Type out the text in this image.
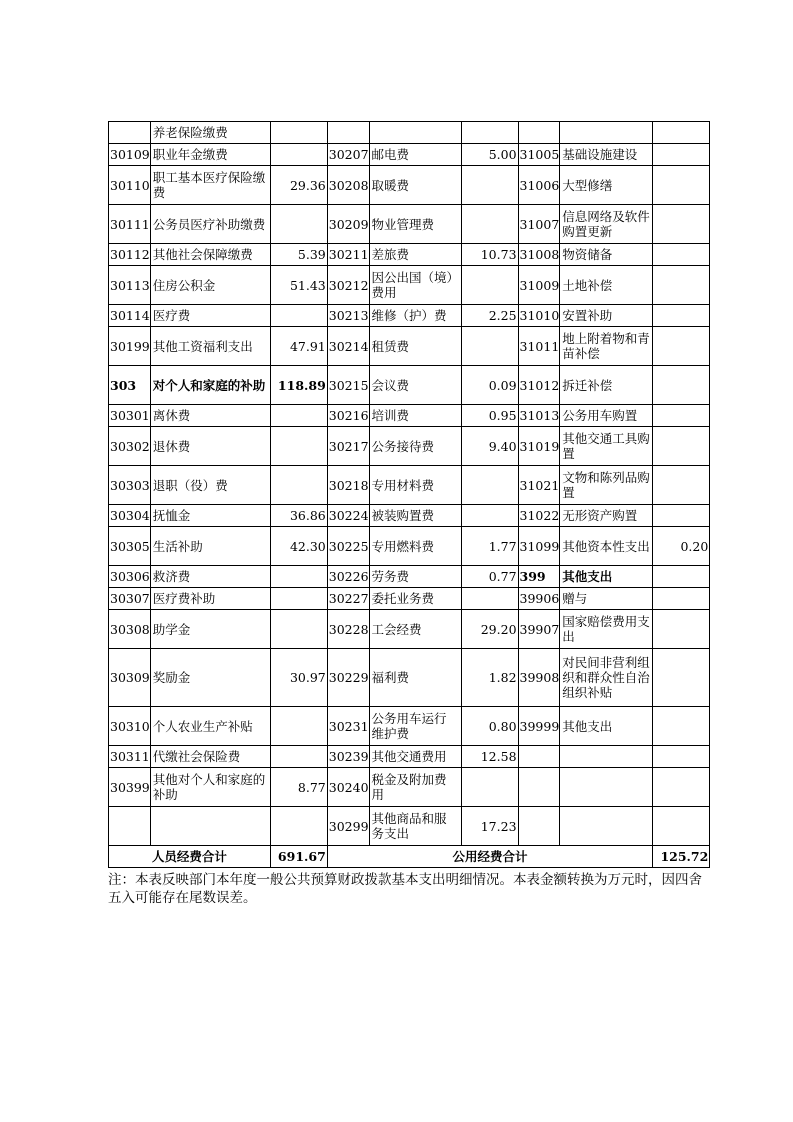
	养老保险缴费							
30109	职业年金缴费		30207	邮电费	5.00	31005	基础设施建设	
30110	职工基本医疗保险缴费	29.36	30208	取暖费		31006	大型修缮	
30111	公务员医疗补助缴费		30209	物业管理费		31007	信息网络及软件购置更新	
30112	其他社会保障缴费	5.39	30211	差旅费	10.73	31008	物资储备	
30113	住房公积金	51.43	30212	因公出国（境）费用		31009	土地补偿	
30114	医疗费		30213	维修（护）费	2.25	31010	安置补助	
30199	其他工资福利支出	47.91	30214	租赁费		31011	地上附着物和青苗补偿	
303	对个人和家庭的补助	118.89	30215	会议费	0.09	31012	拆迁补偿	
30301	离休费		30216	培训费	0.95	31013	公务用车购置	
30302	退休费		30217	公务接待费	9.40	31019	其他交通工具购置	
30303	退职（役）费		30218	专用材料费		31021	文物和陈列品购置	
30304	抚恤金	36.86	30224	被装购置费		31022	无形资产购置	
30305	生活补助	42.30	30225	专用燃料费	1.77	31099	其他资本性支出	0.20
30306	救济费		30226	劳务费	0.77	399	其他支出	
30307	医疗费补助		30227	委托业务费		39906	赠与	
30308	助学金		30228	工会经费	29.20	39907	国家赔偿费用支出	
30309	奖励金	30.97	30229	福利费	1.82	39908	对民间非营利组织和群众性自治组织补贴	
30310	个人农业生产补贴		30231	公务用车运行维护费	0.80	39999	其他支出	
30311	代缴社会保险费		30239	其他交通费用	12.58			
30399	其他对个人和家庭的补助	8.77	30240	税金及附加费用				
			30299	其他商品和服务支出	17.23			
人员经费合计		691.67	公用经费合计					125.72

注：本表反映部门本年度一般公共预算财政拨款基本支出明细情况。本表金额转换为万元时，因四舍五入可能存在尾数误差。
